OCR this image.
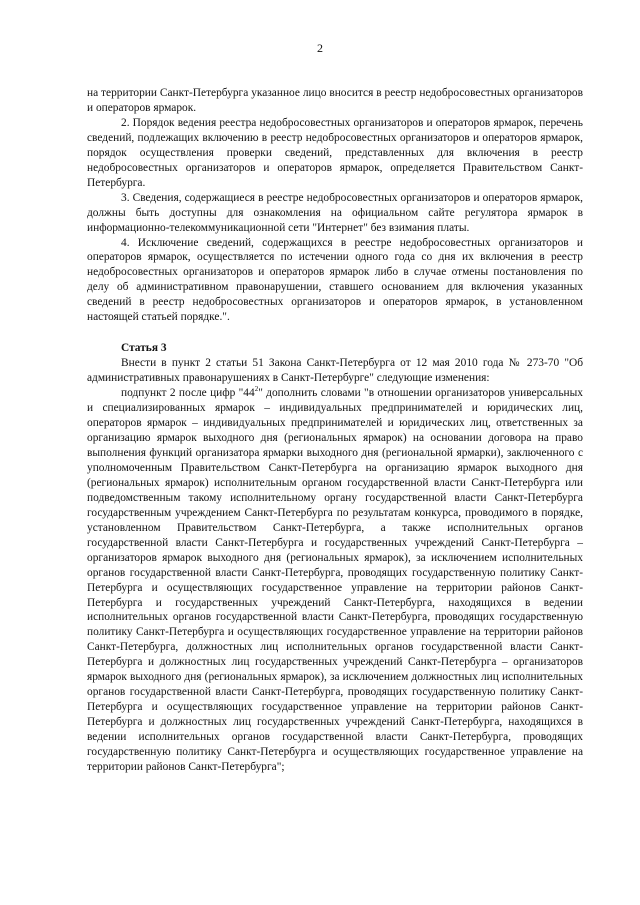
2

на территории Санкт-Петербурга указанное лицо вносится в реестр недобросовестных организаторов и операторов ярмарок.

2. Порядок ведения реестра недобросовестных организаторов и операторов ярмарок, перечень сведений, подлежащих включению в реестр недобросовестных организаторов и операторов ярмарок, порядок осуществления проверки сведений, представленных для включения в реестр недобросовестных организаторов и операторов ярмарок, определяется Правительством Санкт-Петербурга.

3. Сведения, содержащиеся в реестре недобросовестных организаторов и операторов ярмарок, должны быть доступны для ознакомления на официальном сайте регулятора ярмарок в информационно-телекоммуникационной сети "Интернет" без взимания платы.

4. Исключение сведений, содержащихся в реестре недобросовестных организаторов и операторов ярмарок, осуществляется по истечении одного года со дня их включения в реестр недобросовестных организаторов и операторов ярмарок либо в случае отмены постановления по делу об административном правонарушении, ставшего основанием для включения указанных сведений в реестр недобросовестных организаторов и операторов ярмарок, в установленном настоящей статьей порядке.".

Статья 3

Внести в пункт 2 статьи 51 Закона Санкт-Петербурга от 12 мая 2010 года № 273-70 "Об административных правонарушениях в Санкт-Петербурге" следующие изменения:

подпункт 2 после цифр "$44^2$" дополнить словами "в отношении организаторов универсальных и специализированных ярмарок – индивидуальных предпринимателей и юридических лиц, операторов ярмарок – индивидуальных предпринимателей и юридических лиц, ответственных за организацию ярмарок выходного дня (региональных ярмарок) на основании договора на право выполнения функций организатора ярмарки выходного дня (региональной ярмарки), заключенного с уполномоченным Правительством Санкт-Петербурга на организацию ярмарок выходного дня (региональных ярмарок) исполнительным органом государственной власти Санкт-Петербурга или подведомственным такому исполнительному органу государственной власти Санкт-Петербурга государственным учреждением Санкт-Петербурга по результатам конкурса, проводимого в порядке, установленном Правительством Санкт-Петербурга, а также исполнительных органов государственной власти Санкт-Петербурга и государственных учреждений Санкт-Петербурга – организаторов ярмарок выходного дня (региональных ярмарок), за исключением исполнительных органов государственной власти Санкт-Петербурга, проводящих государственную политику Санкт-Петербурга и осуществляющих государственное управление на территории районов Санкт-Петербурга и государственных учреждений Санкт-Петербурга, находящихся в ведении исполнительных органов государственной власти Санкт-Петербурга, проводящих государственную политику Санкт-Петербурга и осуществляющих государственное управление на территории районов Санкт-Петербурга, должностных лиц исполнительных органов государственной власти Санкт-Петербурга и должностных лиц государственных учреждений Санкт-Петербурга – организаторов ярмарок выходного дня (региональных ярмарок), за исключением должностных лиц исполнительных органов государственной власти Санкт-Петербурга, проводящих государственную политику Санкт-Петербурга и осуществляющих государственное управление на территории районов Санкт-Петербурга и должностных лиц государственных учреждений Санкт-Петербурга, находящихся в ведении исполнительных органов государственной власти Санкт-Петербурга, проводящих государственную политику Санкт-Петербурга и осуществляющих государственное управление на территории районов Санкт-Петербурга";
